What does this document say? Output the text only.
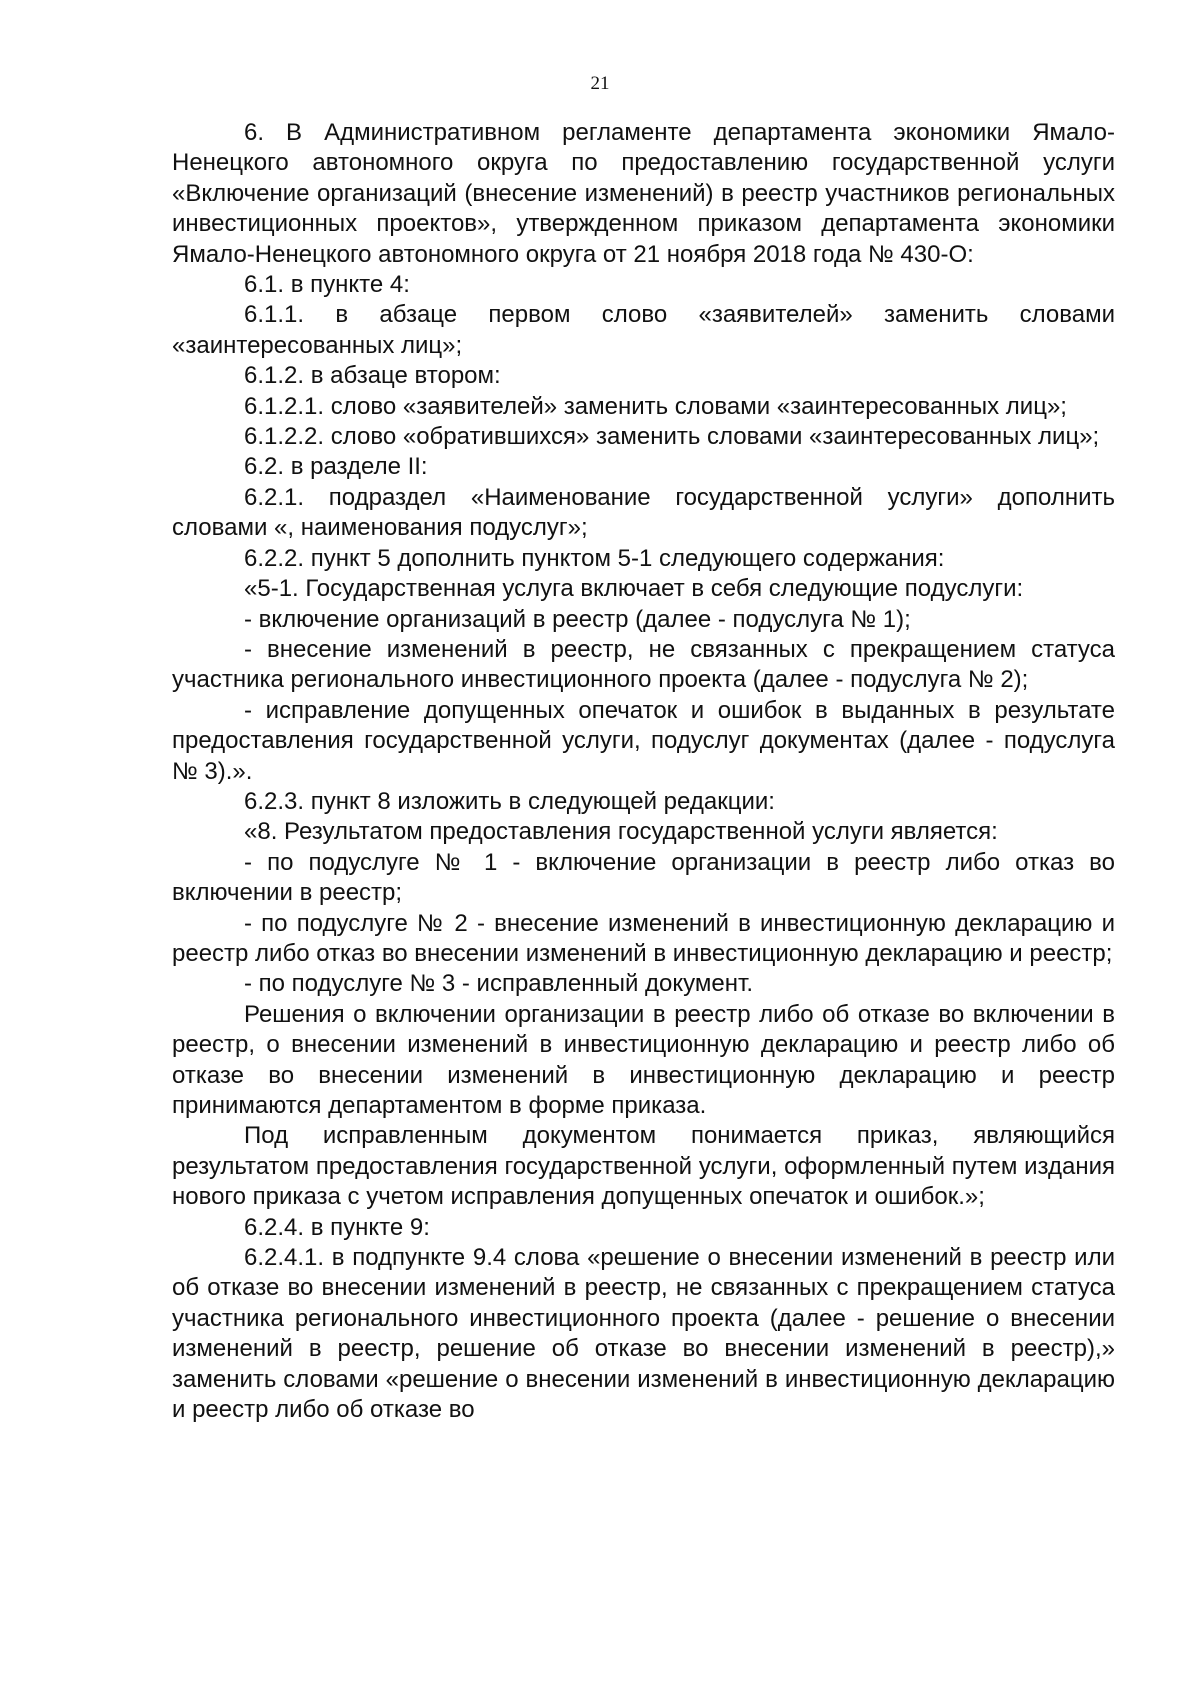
21

6. В Административном регламенте департамента экономики Ямало-Ненецкого автономного округа по предоставлению государственной услуги «Включение организаций (внесение изменений) в реестр участников региональных инвестиционных проектов», утвержденном приказом департамента экономики Ямало-Ненецкого автономного округа от 21 ноября 2018 года № 430-О:

6.1. в пункте 4:

6.1.1. в абзаце первом слово «заявителей» заменить словами «заинтересованных лиц»;

6.1.2. в абзаце втором:

6.1.2.1. слово «заявителей» заменить словами «заинтересованных лиц»;

6.1.2.2. слово «обратившихся» заменить словами «заинтересованных лиц»;

6.2. в разделе II:

6.2.1. подраздел «Наименование государственной услуги» дополнить словами «, наименования подуслуг»;

6.2.2. пункт 5 дополнить пунктом 5-1 следующего содержания:

«5-1. Государственная услуга включает в себя следующие подуслуги:

- включение организаций в реестр (далее - подуслуга № 1);

- внесение изменений в реестр, не связанных с прекращением статуса участника регионального инвестиционного проекта (далее - подуслуга № 2);

- исправление допущенных опечаток и ошибок в выданных в результате предоставления государственной услуги, подуслуг документах (далее - подуслуга № 3).».

6.2.3. пункт 8 изложить в следующей редакции:

«8. Результатом предоставления государственной услуги является:

- по подуслуге № 1 - включение организации в реестр либо отказ во включении в реестр;

- по подуслуге № 2 - внесение изменений в инвестиционную декларацию и реестр либо отказ во внесении изменений в инвестиционную декларацию и реестр;

- по подуслуге № 3 - исправленный документ.

Решения о включении организации в реестр либо об отказе во включении в реестр, о внесении изменений в инвестиционную декларацию и реестр либо об отказе во внесении изменений в инвестиционную декларацию и реестр принимаются департаментом в форме приказа.

Под исправленным документом понимается приказ, являющийся результатом предоставления государственной услуги, оформленный путем издания нового приказа с учетом исправления допущенных опечаток и ошибок.»;

6.2.4. в пункте 9:

6.2.4.1. в подпункте 9.4 слова «решение о внесении изменений в реестр или об отказе во внесении изменений в реестр, не связанных с прекращением статуса участника регионального инвестиционного проекта (далее - решение о внесении изменений в реестр, решение об отказе во внесении изменений в реестр),» заменить словами «решение о внесении изменений в инвестиционную декларацию и реестр либо об отказе во
